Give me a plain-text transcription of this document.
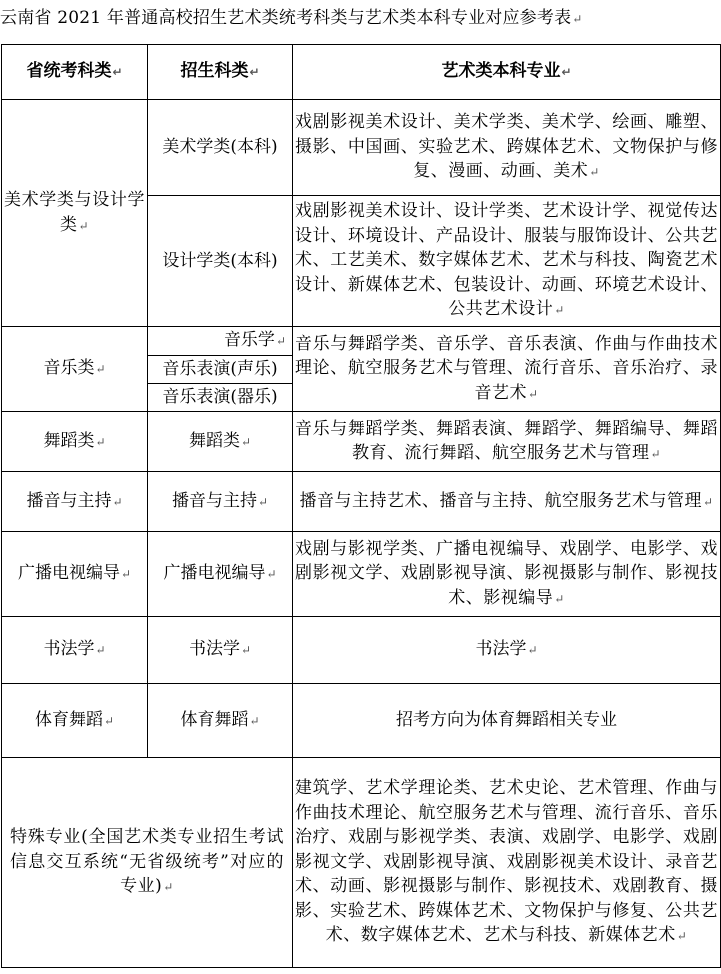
云南省 2021 年普通高校招生艺术类统考科类与艺术类本科专业对应参考表↵
省统考科类↵	招生科类↵	艺术类本科专业↵
美术学类与设计学类↵	美术学类(本科)	戏剧影视美术设计、美术学类、美术学、绘画、雕塑、摄影、中国画、实验艺术、跨媒体艺术、文物保护与修复、漫画、动画、美术↵
	设计学类(本科)	戏剧影视美术设计、设计学类、艺术设计学、视觉传达设计、环境设计、产品设计、服装与服饰设计、公共艺术、工艺美术、数字媒体艺术、艺术与科技、陶瓷艺术设计、新媒体艺术、包装设计、动画、环境艺术设计、公共艺术设计↵
音乐类↵	音乐学↵	音乐与舞蹈学类、音乐学、音乐表演、作曲与作曲技术理论、航空服务艺术与管理、流行音乐、音乐治疗、录音艺术↵
	音乐表演(声乐)	
	音乐表演(器乐)	
舞蹈类↵	舞蹈类↵	音乐与舞蹈学类、舞蹈表演、舞蹈学、舞蹈编导、舞蹈教育、流行舞蹈、航空服务艺术与管理↵
播音与主持↵	播音与主持↵	播音与主持艺术、播音与主持、航空服务艺术与管理↵
广播电视编导↵	广播电视编导↵	戏剧与影视学类、广播电视编导、戏剧学、电影学、戏剧影视文学、戏剧影视导演、影视摄影与制作、影视技术、影视编导↵
书法学↵	书法学↵	书法学↵
体育舞蹈↵	体育舞蹈↵	招考方向为体育舞蹈相关专业
特殊专业(全国艺术类专业招生考试信息交互系统“无省级统考”对应的专业)↵		建筑学、艺术学理论类、艺术史论、艺术管理、作曲与作曲技术理论、航空服务艺术与管理、流行音乐、音乐治疗、戏剧与影视学类、表演、戏剧学、电影学、戏剧影视文学、戏剧影视导演、戏剧影视美术设计、录音艺术、动画、影视摄影与制作、影视技术、戏剧教育、摄影、实验艺术、跨媒体艺术、文物保护与修复、公共艺术、数字媒体艺术、艺术与科技、新媒体艺术↵
